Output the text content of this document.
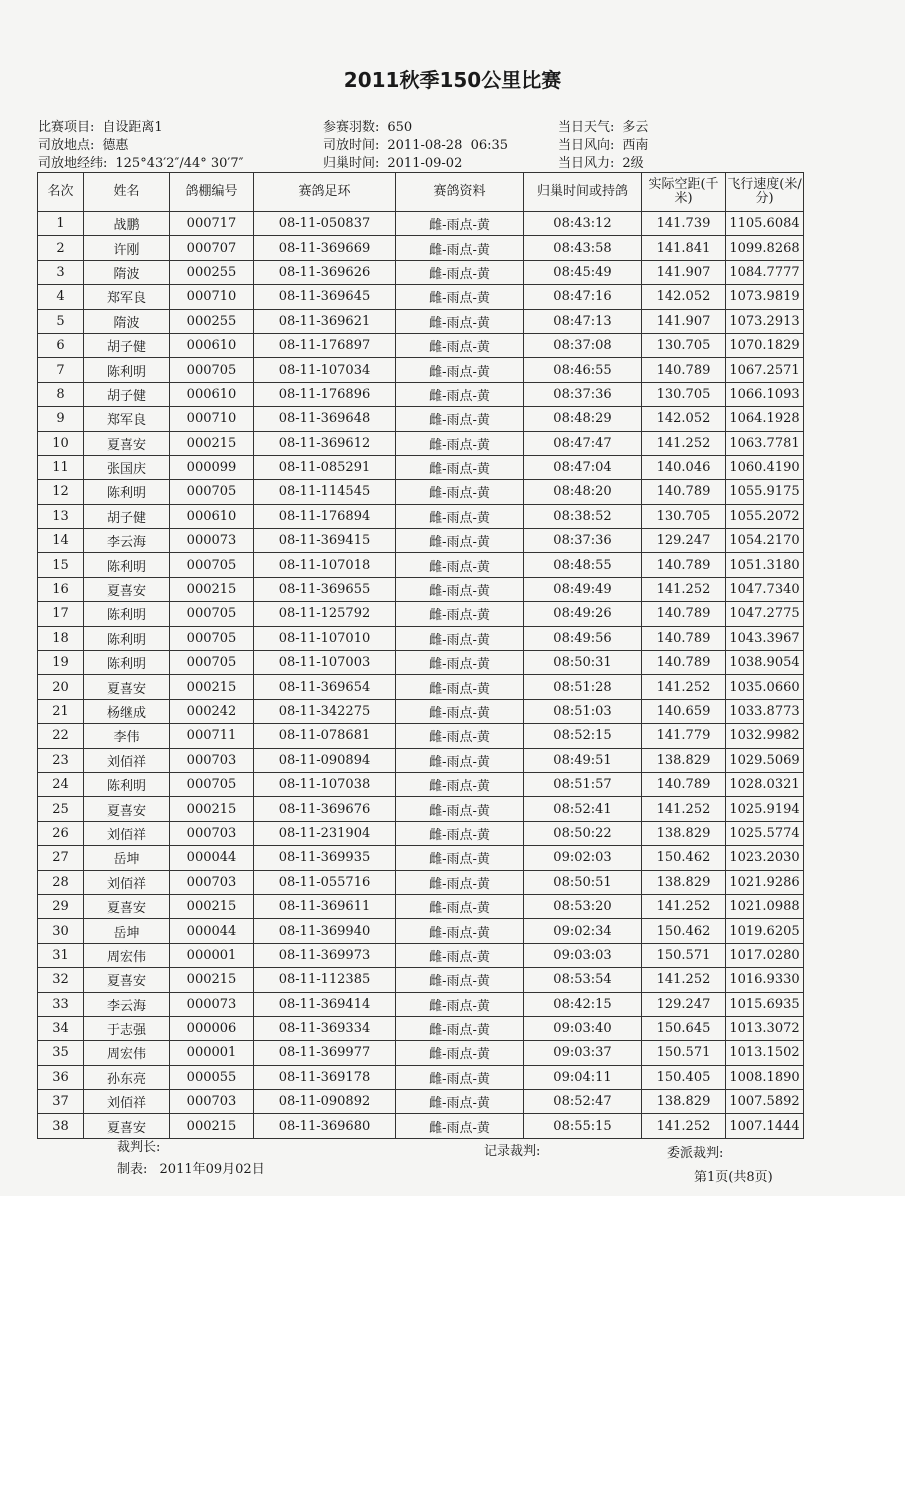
2011秋季150公里比赛
比赛项目: 自设距离1
司放地点: 德惠
司放地经纬: 125°43′2″/44° 30′7″
参赛羽数: 650
司放时间: 2011-08-28  06:35
归巢时间: 2011-09-02
当日天气: 多云
当日风向: 西南
当日风力: 2级
名次	姓名	鸽棚编号	赛鸽足环	赛鸽资料	归巢时间或持鸽	实际空距(千米)	飞行速度(米/分)
1	战鹏	000717	08-11-050837	雌-雨点-黄	08:43:12	141.739	1105.6084
2	许刚	000707	08-11-369669	雌-雨点-黄	08:43:58	141.841	1099.8268
3	隋波	000255	08-11-369626	雌-雨点-黄	08:45:49	141.907	1084.7777
4	郑军良	000710	08-11-369645	雌-雨点-黄	08:47:16	142.052	1073.9819
5	隋波	000255	08-11-369621	雌-雨点-黄	08:47:13	141.907	1073.2913
6	胡子健	000610	08-11-176897	雌-雨点-黄	08:37:08	130.705	1070.1829
7	陈利明	000705	08-11-107034	雌-雨点-黄	08:46:55	140.789	1067.2571
8	胡子健	000610	08-11-176896	雌-雨点-黄	08:37:36	130.705	1066.1093
9	郑军良	000710	08-11-369648	雌-雨点-黄	08:48:29	142.052	1064.1928
10	夏喜安	000215	08-11-369612	雌-雨点-黄	08:47:47	141.252	1063.7781
11	张国庆	000099	08-11-085291	雌-雨点-黄	08:47:04	140.046	1060.4190
12	陈利明	000705	08-11-114545	雌-雨点-黄	08:48:20	140.789	1055.9175
13	胡子健	000610	08-11-176894	雌-雨点-黄	08:38:52	130.705	1055.2072
14	李云海	000073	08-11-369415	雌-雨点-黄	08:37:36	129.247	1054.2170
15	陈利明	000705	08-11-107018	雌-雨点-黄	08:48:55	140.789	1051.3180
16	夏喜安	000215	08-11-369655	雌-雨点-黄	08:49:49	141.252	1047.7340
17	陈利明	000705	08-11-125792	雌-雨点-黄	08:49:26	140.789	1047.2775
18	陈利明	000705	08-11-107010	雌-雨点-黄	08:49:56	140.789	1043.3967
19	陈利明	000705	08-11-107003	雌-雨点-黄	08:50:31	140.789	1038.9054
20	夏喜安	000215	08-11-369654	雌-雨点-黄	08:51:28	141.252	1035.0660
21	杨继成	000242	08-11-342275	雌-雨点-黄	08:51:03	140.659	1033.8773
22	李伟	000711	08-11-078681	雌-雨点-黄	08:52:15	141.779	1032.9982
23	刘佰祥	000703	08-11-090894	雌-雨点-黄	08:49:51	138.829	1029.5069
24	陈利明	000705	08-11-107038	雌-雨点-黄	08:51:57	140.789	1028.0321
25	夏喜安	000215	08-11-369676	雌-雨点-黄	08:52:41	141.252	1025.9194
26	刘佰祥	000703	08-11-231904	雌-雨点-黄	08:50:22	138.829	1025.5774
27	岳坤	000044	08-11-369935	雌-雨点-黄	09:02:03	150.462	1023.2030
28	刘佰祥	000703	08-11-055716	雌-雨点-黄	08:50:51	138.829	1021.9286
29	夏喜安	000215	08-11-369611	雌-雨点-黄	08:53:20	141.252	1021.0988
30	岳坤	000044	08-11-369940	雌-雨点-黄	09:02:34	150.462	1019.6205
31	周宏伟	000001	08-11-369973	雌-雨点-黄	09:03:03	150.571	1017.0280
32	夏喜安	000215	08-11-112385	雌-雨点-黄	08:53:54	141.252	1016.9330
33	李云海	000073	08-11-369414	雌-雨点-黄	08:42:15	129.247	1015.6935
34	于志强	000006	08-11-369334	雌-雨点-黄	09:03:40	150.645	1013.3072
35	周宏伟	000001	08-11-369977	雌-雨点-黄	09:03:37	150.571	1013.1502
36	孙东亮	000055	08-11-369178	雌-雨点-黄	09:04:11	150.405	1008.1890
37	刘佰祥	000703	08-11-090892	雌-雨点-黄	08:52:47	138.829	1007.5892
38	夏喜安	000215	08-11-369680	雌-雨点-黄	08:55:15	141.252	1007.1444
裁判长:	记录裁判:	委派裁判:
制表: 2011年09月02日
第1页(共8页)
